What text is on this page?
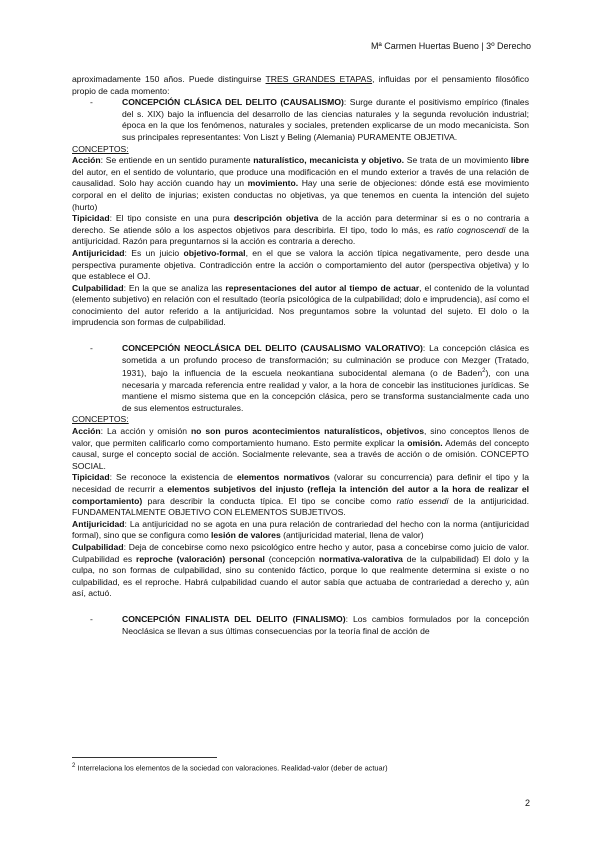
Mª Carmen Huertas Bueno | 3º Derecho

aproximadamente 150 años. Puede distinguirse TRES GRANDES ETAPAS, influidas por el pensamiento filosófico propio de cada momento:

-	CONCEPCIÓN CLÁSICA DEL DELITO (CAUSALISMO): Surge durante el positivismo empírico (finales del s. XIX) bajo la influencia del desarrollo de las ciencias naturales y la segunda revolución industrial; época en la que los fenómenos, naturales y sociales, pretenden explicarse de un modo mecanicista. Son sus principales representantes: Von Liszt y Beling (Alemania) PURAMENTE OBJETIVA.

CONCEPTOS:

Acción: Se entiende en un sentido puramente naturalístico, mecanicista y objetivo. Se trata de un movimiento libre del autor, en el sentido de voluntario, que produce una modificación en el mundo exterior a través de una relación de causalidad. Solo hay acción cuando hay un movimiento. Hay una serie de objeciones: dónde está ese movimiento corporal en el delito de injurias; existen conductas no objetivas, ya que tenemos en cuenta la intención del sujeto (hurto)

Tipicidad: El tipo consiste en una pura descripción objetiva de la acción para determinar si es o no contraria a derecho. Se atiende sólo a los aspectos objetivos para describirla. El tipo, todo lo más, es ratio cognoscendi de la antijuricidad. Razón para preguntarnos si la acción es contraria a derecho.

Antijuricidad: Es un juicio objetivo-formal, en el que se valora la acción típica negativamente, pero desde una perspectiva puramente objetiva. Contradicción entre la acción o comportamiento del autor (perspectiva objetiva) y lo que establece el OJ.

Culpabilidad: En la que se analiza las representaciones del autor al tiempo de actuar, el contenido de la voluntad (elemento subjetivo) en relación con el resultado (teoría psicológica de la culpabilidad; dolo e imprudencia), así como el conocimiento del autor referido a la antijuricidad. Nos preguntamos sobre la voluntad del sujeto. El dolo o la imprudencia son formas de culpabilidad.

-	CONCEPCIÓN NEOCLÁSICA DEL DELITO (CAUSALISMO VALORATIVO): La concepción clásica es sometida a un profundo proceso de transformación; su culminación se produce con Mezger (Tratado, 1931), bajo la influencia de la escuela neokantiana subocidental alemana (o de Baden$^2$), con una necesaria y marcada referencia entre realidad y valor, a la hora de concebir las instituciones jurídicas. Se mantiene el mismo sistema que en la concepción clásica, pero se transforma sustancialmente cada uno de sus elementos estructurales.

CONCEPTOS:

Acción: La acción y omisión no son puros acontecimientos naturalísticos, objetivos, sino conceptos llenos de valor, que permiten calificarlo como comportamiento humano. Esto permite explicar la omisión. Además del concepto causal, surge el concepto social de acción. Socialmente relevante, sea a través de acción o de omisión. CONCEPTO SOCIAL.

Tipicidad: Se reconoce la existencia de elementos normativos (valorar su concurrencia) para definir el tipo y la necesidad de recurrir a elementos subjetivos del injusto (refleja la intención del autor a la hora de realizar el comportamiento) para describir la conducta típica. El tipo se concibe como ratio essendi de la antijuricidad. FUNDAMENTALMENTE OBJETIVO CON ELEMENTOS SUBJETIVOS.

Antijuricidad: La antijuricidad no se agota en una pura relación de contrariedad del hecho con la norma (antijuricidad formal), sino que se configura como lesión de valores (antijuricidad material, llena de valor)

Culpabilidad: Deja de concebirse como nexo psicológico entre hecho y autor, pasa a concebirse como juicio de valor. Culpabilidad es reproche (valoración) personal (concepción normativa-valorativa de la culpabilidad) El dolo y la culpa, no son formas de culpabilidad, sino su contenido fáctico, porque lo que realmente determina si existe o no culpabilidad, es el reproche. Habrá culpabilidad cuando el autor sabía que actuaba de contrariedad a derecho y, aún así, actuó.

-	CONCEPCIÓN FINALISTA DEL DELITO (FINALISMO): Los cambios formulados por la concepción Neoclásica se llevan a sus últimas consecuencias por la teoría final de acción de
$^2$ Interrelaciona los elementos de la sociedad con valoraciones. Realidad-valor (deber de actuar)
2
